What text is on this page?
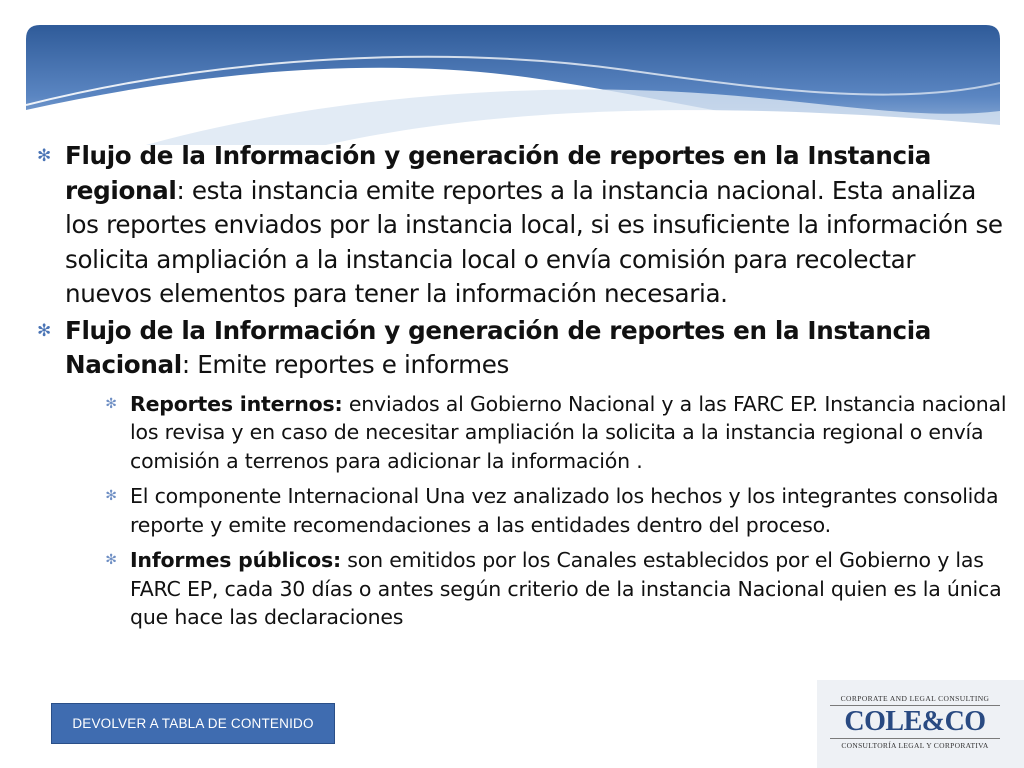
✻ Flujo de la Información y generación de reportes en la Instancia regional: esta instancia emite reportes a la instancia nacional. Esta analiza los reportes enviados por la instancia local, si es insuficiente la información se solicita ampliación a la instancia local o envía comisión para recolectar nuevos elementos para tener la información necesaria.

✻ Flujo de la Información y generación de reportes en la Instancia Nacional: Emite reportes e informes

✻ Reportes internos: enviados al Gobierno Nacional y a las FARC EP. Instancia nacional los revisa y en caso de necesitar ampliación la solicita a la instancia regional o envía comisión a terrenos para adicionar la información .

✻ El componente Internacional Una vez analizado los hechos y los integrantes consolida reporte y emite recomendaciones a las entidades dentro del proceso.

✻ Informes públicos: son emitidos por los Canales establecidos por el Gobierno y las FARC EP, cada 30 días o antes según criterio de la instancia Nacional quien es la única que hace las declaraciones

DEVOLVER A TABLA DE CONTENIDO
CORPORATE AND LEGAL CONSULTING
COLE&CO
CONSULTORÍA LEGAL Y CORPORATIVA
